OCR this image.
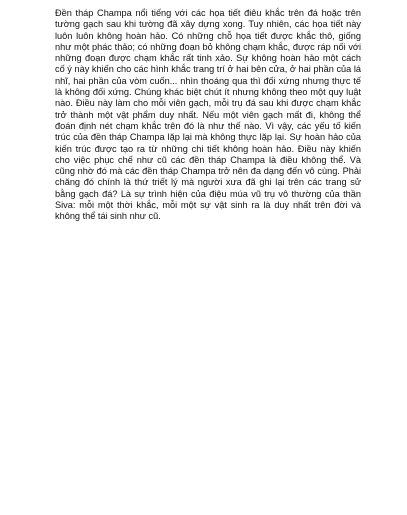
Đền tháp Champa nổi tiếng với các họa tiết điêu khắc trên đá hoặc trên tường gạch sau khi tường đã xây dựng xong. Tuy nhiên, các họa tiết này luôn luôn không hoàn hảo. Có những chỗ họa tiết được khắc thô, giống như một phác thảo; có những đoạn bỏ không chạm khắc, được ráp nối với những đoạn được chạm khắc rất tinh xảo. Sự không hoàn hảo một cách cố ý này khiến cho các hình khắc trang trí ở hai bên cửa, ở hai phần của lá nhĩ, hai phần của vòm cuốn... nhìn thoáng qua thì đối xứng nhưng thực tế là không đối xứng. Chúng khác biệt chút ít nhưng không theo một quy luật nào. Điều này làm cho mỗi viên gạch, mỗi trụ đá sau khi được chạm khắc trở thành một vật phẩm duy nhất. Nếu một viên gạch mất đi, không thể đoán định nét chạm khắc trên đó là như thế nào. Vì vậy, các yếu tố kiến trúc của đền tháp Champa lặp lại mà không thực lặp lại. Sự hoàn hảo của kiến trúc được tạo ra từ những chi tiết không hoàn hảo. Điều này khiến cho việc phục chế như cũ các đền tháp Champa là điều không thể. Và cũng nhờ đó mà các đền tháp Champa trở nên đa dạng đến vô cùng. Phải chăng đó chính là thứ triết lý mà người xưa đã ghi lại trên các trang sử bằng gạch đá? Là sự trình hiện của điệu múa vũ trụ vô thường của thần Siva: mỗi một thời khắc, mỗi một sự vật sinh ra là duy nhất trên đời và không thể tái sinh như cũ.
